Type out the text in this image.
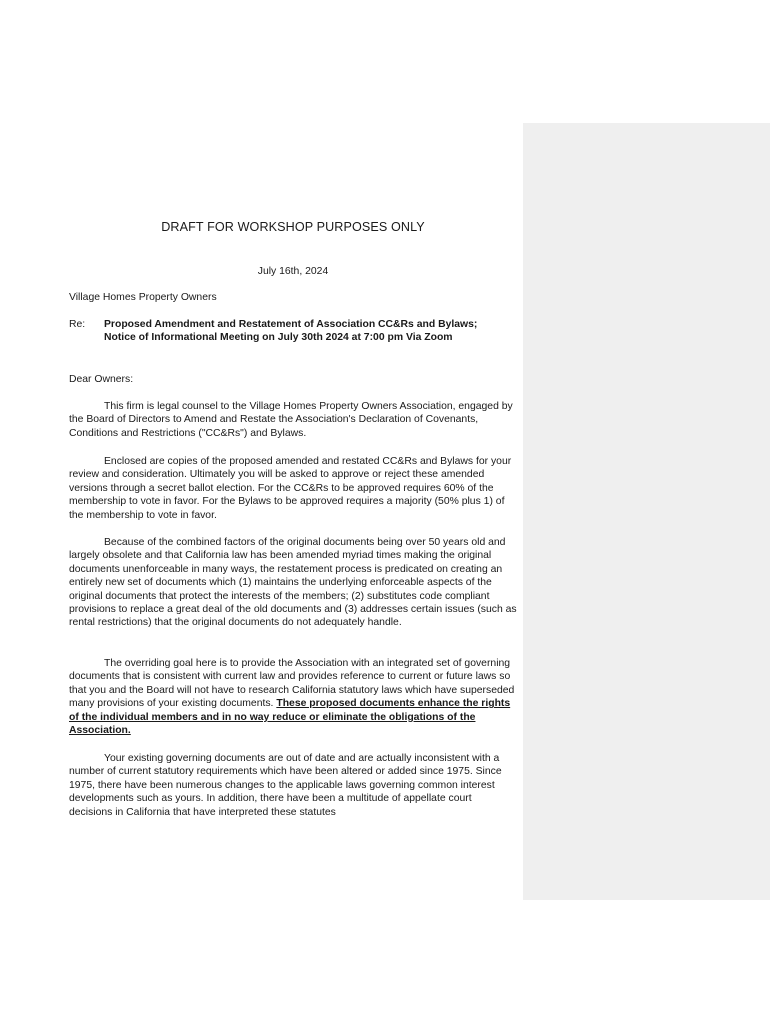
DRAFT FOR WORKSHOP PURPOSES ONLY
July 16th, 2024
Village Homes Property Owners
Re: Proposed Amendment and Restatement of Association CC&Rs and Bylaws; Notice of Informational Meeting on July 30th 2024 at 7:00 pm Via Zoom
Dear Owners:

This firm is legal counsel to the Village Homes Property Owners Association, engaged by the Board of Directors to Amend and Restate the Association's Declaration of Covenants, Conditions and Restrictions ("CC&Rs") and Bylaws.

Enclosed are copies of the proposed amended and restated CC&Rs and Bylaws for your review and consideration. Ultimately you will be asked to approve or reject these amended versions through a secret ballot election. For the CC&Rs to be approved requires 60% of the membership to vote in favor. For the Bylaws to be approved requires a majority (50% plus 1) of the membership to vote in favor.

Because of the combined factors of the original documents being over 50 years old and largely obsolete and that California law has been amended myriad times making the original documents unenforceable in many ways, the restatement process is predicated on creating an entirely new set of documents which (1) maintains the underlying enforceable aspects of the original documents that protect the interests of the members; (2) substitutes code compliant provisions to replace a great deal of the old documents and (3) addresses certain issues (such as rental restrictions) that the original documents do not adequately handle.

The overriding goal here is to provide the Association with an integrated set of governing documents that is consistent with current law and provides reference to current or future laws so that you and the Board will not have to research California statutory laws which have superseded many provisions of your existing documents. These proposed documents enhance the rights of the individual members and in no way reduce or eliminate the obligations of the Association.

Your existing governing documents are out of date and are actually inconsistent with a number of current statutory requirements which have been altered or added since 1975. Since 1975, there have been numerous changes to the applicable laws governing common interest developments such as yours. In addition, there have been a multitude of appellate court decisions in California that have interpreted these statutes
